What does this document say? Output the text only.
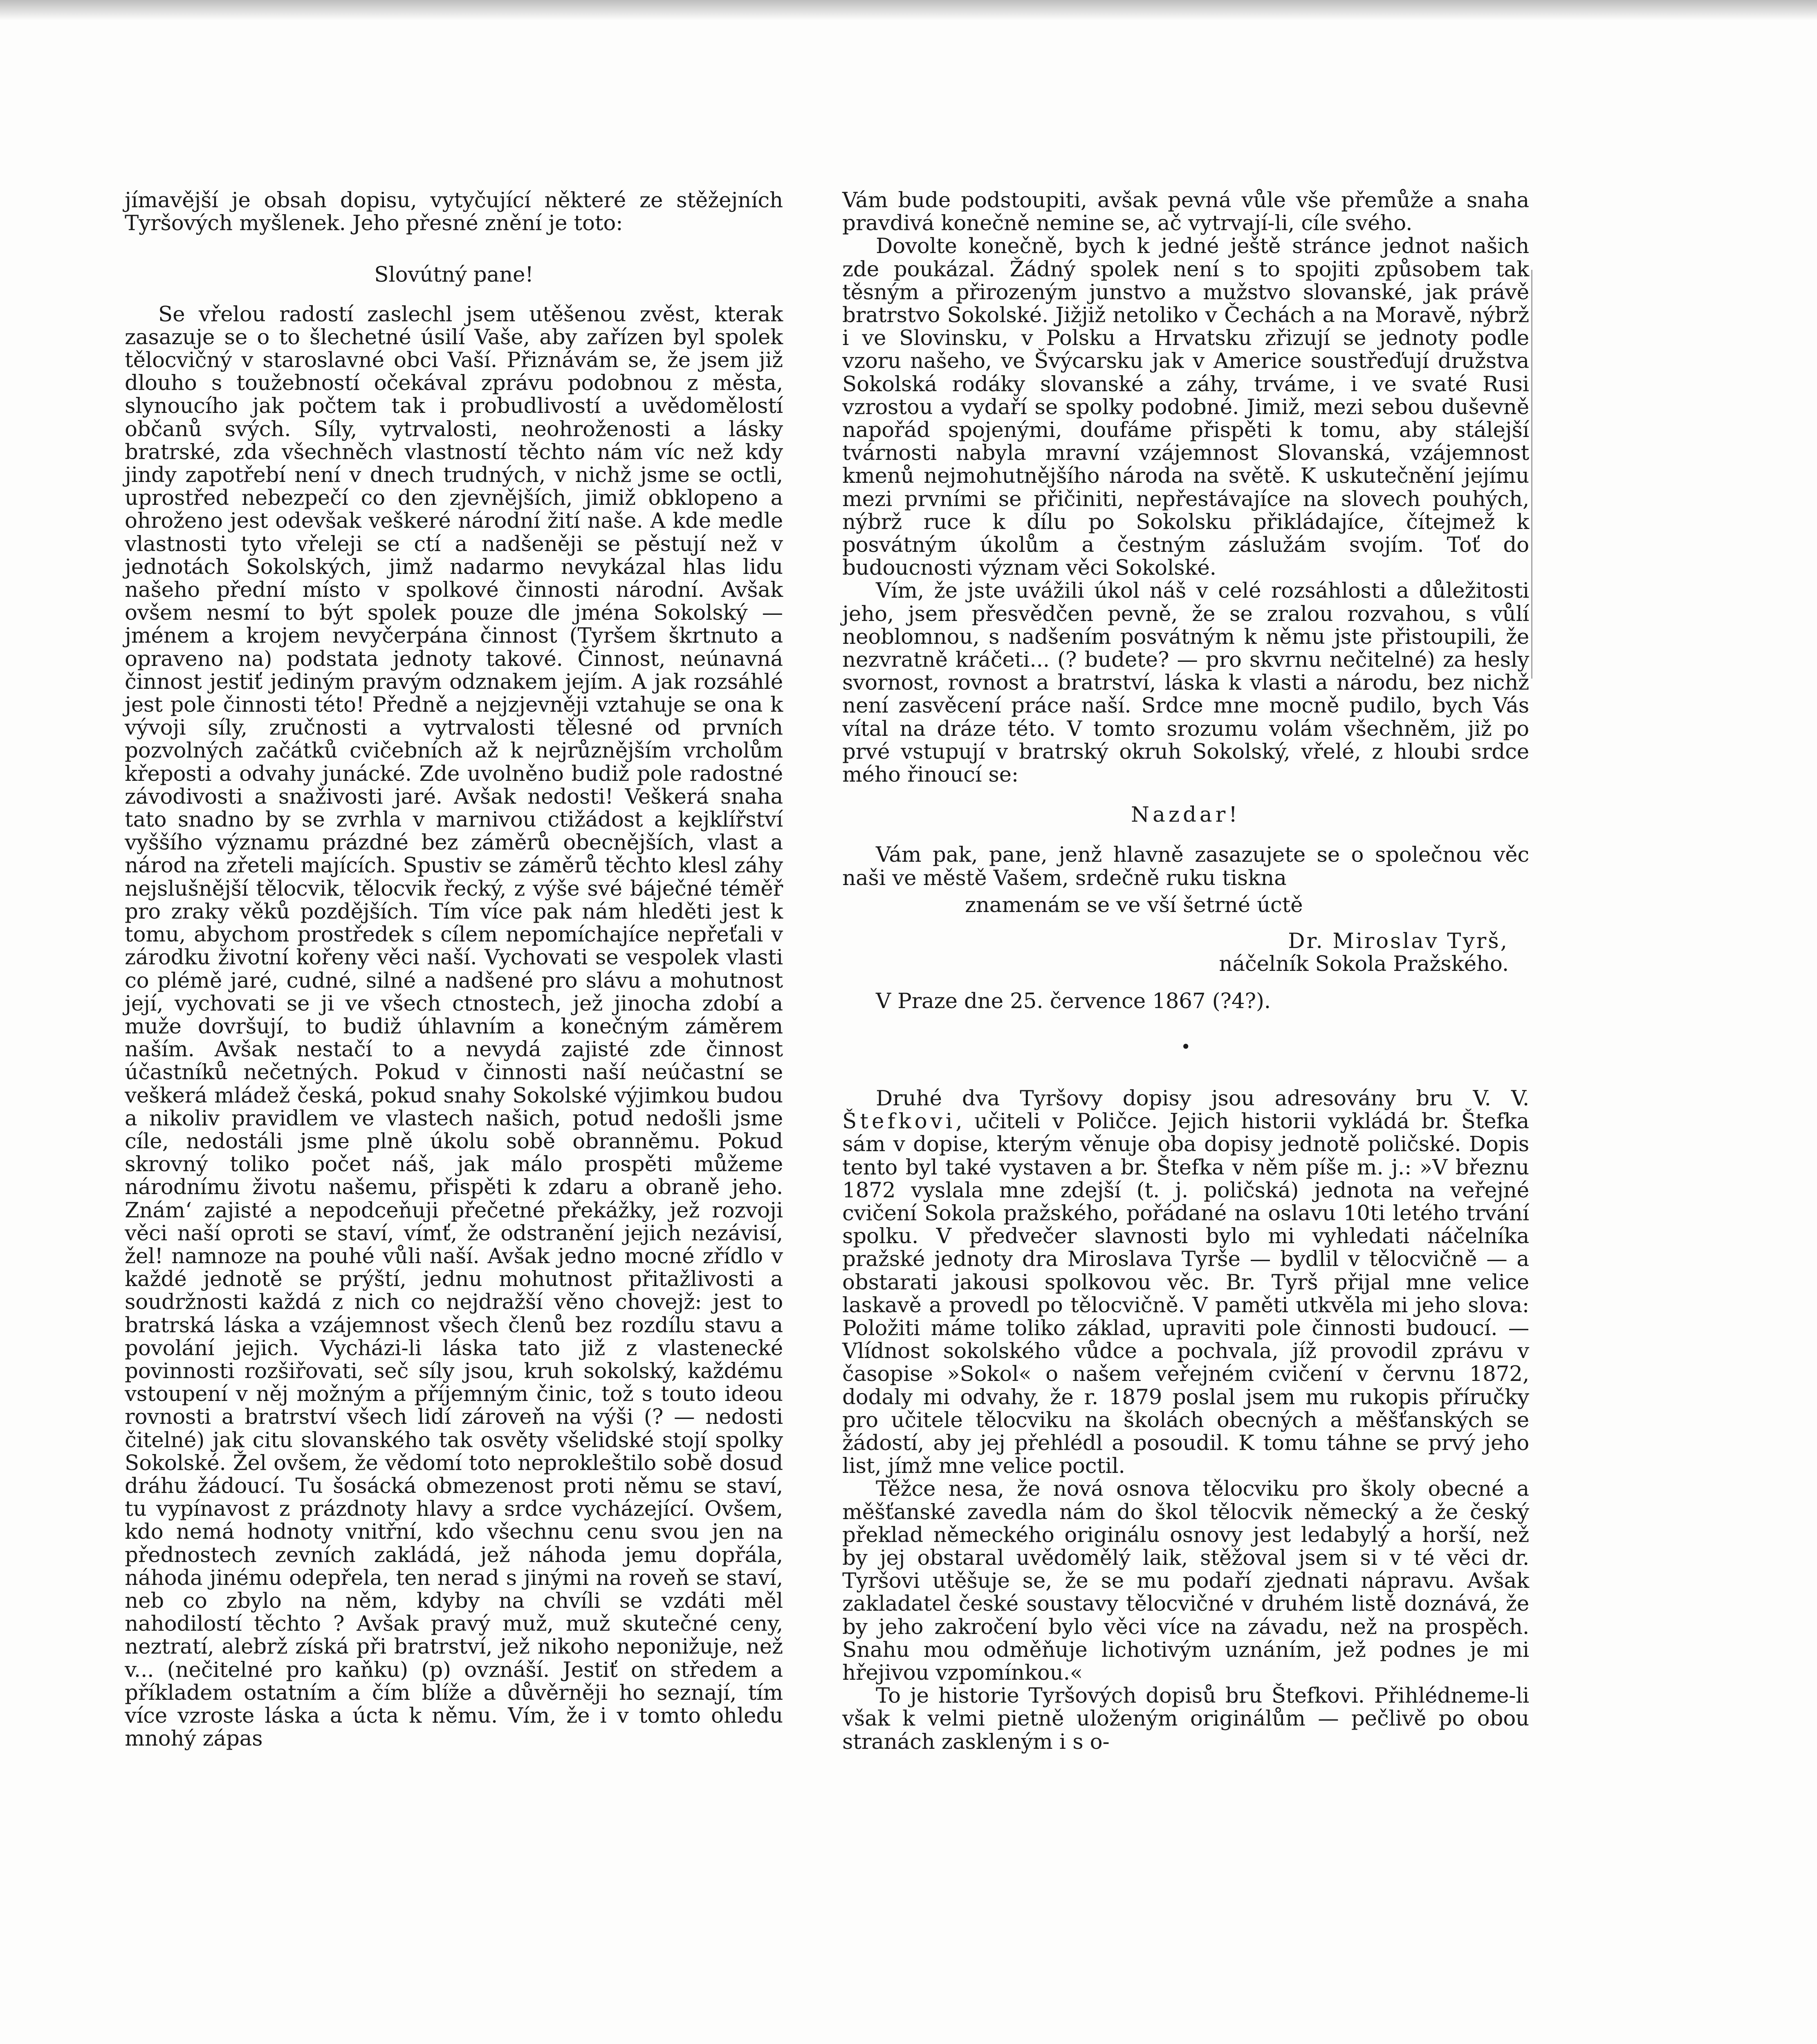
jímavější je obsah dopisu, vytyčující některé ze stěžejních Tyršových myšlenek. Jeho přesné znění je toto:

Slovútný pane!

Se vřelou radostí zaslechl jsem utěšenou zvěst, kterak zasazuje se o to šlechetné úsilí Vaše, aby zařízen byl spolek tělocvičný v staroslavné obci Vaší. Přiznávám se, že jsem již dlouho s toužebností očekával zprávu podobnou z města, slynoucího jak počtem tak i probudlivostí a uvědomělostí občanů svých. Síly, vytrvalosti, neohroženosti a lásky bratrské, zda všechněch vlastností těchto nám víc než kdy jindy zapotřebí není v dnech trudných, v nichž jsme se octli, uprostřed nebezpečí co den zjevnějších, jimiž obklopeno a ohroženo jest odevšak veškeré národní žití naše. A kde medle vlastnosti tyto vřeleji se ctí a nadšeněji se pěstují než v jednotách Sokolských, jimž nadarmo nevykázal hlas lidu našeho přední místo v spolkové činnosti národní. Avšak ovšem nesmí to být spolek pouze dle jména Sokolský — jménem a krojem nevyčerpána činnost (Tyršem škrtnuto a opraveno na) podstata jednoty takové. Činnost, neúnavná činnost jestiť jediným pravým odznakem jejím. A jak rozsáhlé jest pole činnosti této! Předně a nejzjevněji vztahuje se ona k vývoji síly, zručnosti a vytrvalosti tělesné od prvních pozvolných začátků cvičebních až k nejrůznějším vrcholům křeposti a odvahy junácké. Zde uvolněno budiž pole radostné závodivosti a snaživosti jaré. Avšak nedosti! Veškerá snaha tato snadno by se zvrhla v marnivou ctižádost a kejklířství vyššího významu prázdné bez záměrů obecnějších, vlast a národ na zřeteli majících. Spustiv se záměrů těchto klesl záhy nejslušnější tělocvik, tělocvik řecký, z výše své báječné téměř pro zraky věků pozdějších. Tím více pak nám hleděti jest k tomu, abychom prostředek s cílem nepomíchajíce nepřeťali v zárodku životní kořeny věci naší. Vychovati se vespolek vlasti co plémě jaré, cudné, silné a nadšené pro slávu a mohutnost její, vychovati se ji ve všech ctnostech, jež jinocha zdobí a muže dovršují, to budiž úhlavním a konečným záměrem naším. Avšak nestačí to a nevydá zajisté zde činnost účastníků nečetných. Pokud v činnosti naší neúčastní se veškerá mládež česká, pokud snahy Sokolské výjimkou budou a nikoliv pravidlem ve vlastech našich, potud nedošli jsme cíle, nedostáli jsme plně úkolu sobě obranněmu. Pokud skrovný toliko počet náš, jak málo prospěti můžeme národnímu životu našemu, přispěti k zdaru a obraně jeho. Znám‘ zajisté a nepodceňuji přečetné překážky, jež rozvoji věci naší oproti se staví, vímť, že odstranění jejich nezávisí, žel! namnoze na pouhé vůli naší. Avšak jedno mocné zřídlo v každé jednotě se prýští, jednu mohutnost přitažlivosti a soudržnosti každá z nich co nejdražší věno chovejž: jest to bratrská láska a vzájemnost všech členů bez rozdílu stavu a povolání jejich. Vycházi-li láska tato již z vlastenecké povinnosti rozšiřovati, seč síly jsou, kruh sokolský, každému vstoupení v něj možným a příjemným činic, tož s touto ideou rovnosti a bratrství všech lidí zároveň na výši (? — nedosti čitelné) jak citu slovanského tak osvěty všelidské stojí spolky Sokolské. Žel ovšem, že vědomí toto neprokleštilo sobě dosud dráhu žádoucí. Tu šosácká obmezenost proti němu se staví, tu vypínavost z prázdnoty hlavy a srdce vycházející. Ovšem, kdo nemá hodnoty vnitřní, kdo všechnu cenu svou jen na přednostech zevních zakládá, jež náhoda jemu dopřála, náhoda jinému odepřela, ten nerad s jinými na roveň se staví, neb co zbylo na něm, kdyby na chvíli se vzdáti měl nahodilostí těchto ? Avšak pravý muž, muž skutečné ceny, neztratí, alebrž získá při bratrství, jež nikoho neponižuje, než v... (nečitelné pro kaňku) (p) ovznáší. Jestiť on středem a příkladem ostatním a čím blíže a důvěrněji ho seznají, tím více vzroste láska a úcta k němu. Vím, že i v tomto ohledu mnohý zápas

Vám bude podstoupiti, avšak pevná vůle vše přemůže a snaha pravdivá konečně nemine se, ač vytrvají-li, cíle svého.

Dovolte konečně, bych k jedné ještě stránce jednot našich zde poukázal. Žádný spolek není s to spojiti způsobem tak těsným a přirozeným junstvo a mužstvo slovanské, jak právě bratrstvo Sokolské. Jižjiž netoliko v Čechách a na Moravě, nýbrž i ve Slovinsku, v Polsku a Hrvatsku zřizují se jednoty podle vzoru našeho, ve Švýcarsku jak v Americe soustřeďují družstva Sokolská rodáky slovanské a záhy, trváme, i ve svaté Rusi vzrostou a vydaří se spolky podobné. Jimiž, mezi sebou duševně napořád spojenými, doufáme přispěti k tomu, aby stálejší tvárnosti nabyla mravní vzájemnost Slovanská, vzájemnost kmenů nejmohutnějšího národa na světě. K uskutečnění jejímu mezi prvními se přičiniti, nepřestávajíce na slovech pouhých, nýbrž ruce k dílu po Sokolsku přikládajíce, čítejmež k posvátným úkolům a čestným záslužám svojím. Toť do budoucnosti význam věci Sokolské.

Vím, že jste uvážili úkol náš v celé rozsáhlosti a důležitosti jeho, jsem přesvědčen pevně, že se zralou rozvahou, s vůlí neoblomnou, s nadšením posvátným k němu jste přistoupili, že nezvratně kráčeti... (? budete? — pro skvrnu nečitelné) za hesly svornost, rovnost a bratrství, láska k vlasti a národu, bez nichž není zasvěcení práce naší. Srdce mne mocně pudilo, bych Vás vítal na dráze této. V tomto srozumu volám všechněm, již po prvé vstupují v bratrský okruh Sokolský, vřelé, z hloubi srdce mého řinoucí se:

Nazdar!

Vám pak, pane, jenž hlavně zasazujete se o společnou věc naši ve městě Vašem, srdečně ruku tiskna

znamenám se ve vší šetrné úctě

Dr. Miroslav Tyrš,

náčelník Sokola Pražského.

V Praze dne 25. července 1867 (?4?).

•

Druhé dva Tyršovy dopisy jsou adresovány bru V. V. Štefkovi, učiteli v Poličce. Jejich historii vykládá br. Štefka sám v dopise, kterým věnuje oba dopisy jednotě poličské. Dopis tento byl také vystaven a br. Štefka v něm píše m. j.: »V březnu 1872 vyslala mne zdejší (t. j. poličská) jednota na veřejné cvičení Sokola pražského, pořádané na oslavu 10ti letého trvání spolku. V předvečer slavnosti bylo mi vyhledati náčelníka pražské jednoty dra Miroslava Tyrše — bydlil v tělocvičně — a obstarati jakousi spolkovou věc. Br. Tyrš přijal mne velice laskavě a provedl po tělocvičně. V paměti utkvěla mi jeho slova: Položiti máme toliko základ, upraviti pole činnosti budoucí. — Vlídnost sokolského vůdce a pochvala, jíž provodil zprávu v časopise »Sokol« o našem veřejném cvičení v červnu 1872, dodaly mi odvahy, že r. 1879 poslal jsem mu rukopis příručky pro učitele tělocviku na školách obecných a měšťanských se žádostí, aby jej přehlédl a posoudil. K tomu táhne se prvý jeho list, jímž mne velice poctil.

Těžce nesa, že nová osnova tělocviku pro školy obecné a měšťanské zavedla nám do škol tělocvik německý a že český překlad německého originálu osnovy jest ledabylý a horší, než by jej obstaral uvědomělý laik, stěžoval jsem si v té věci dr. Tyršovi utěšuje se, že se mu podaří zjednati nápravu. Avšak zakladatel české soustavy tělocvičné v druhém listě doznává, že by jeho zakročení bylo věci více na závadu, než na prospěch. Snahu mou odměňuje lichotivým uznáním, jež podnes je mi hřejivou vzpomínkou.«

To je historie Tyršových dopisů bru Štefkovi. Přihlédneme-li však k velmi pietně uloženým originálům — pečlivě po obou stranách zaskleným i s o-
